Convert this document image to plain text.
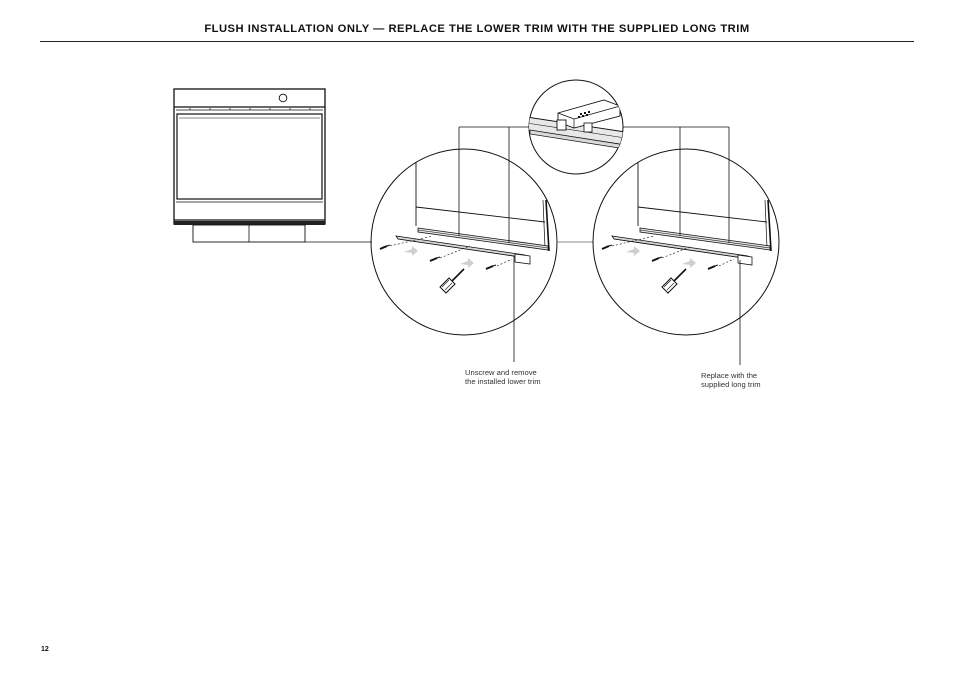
FLUSH INSTALLATION ONLY — REPLACE THE LOWER TRIM WITH THE SUPPLIED LONG TRIM
Unscrew and remove
the installed lower trim
Replace with the
supplied long trim
12
